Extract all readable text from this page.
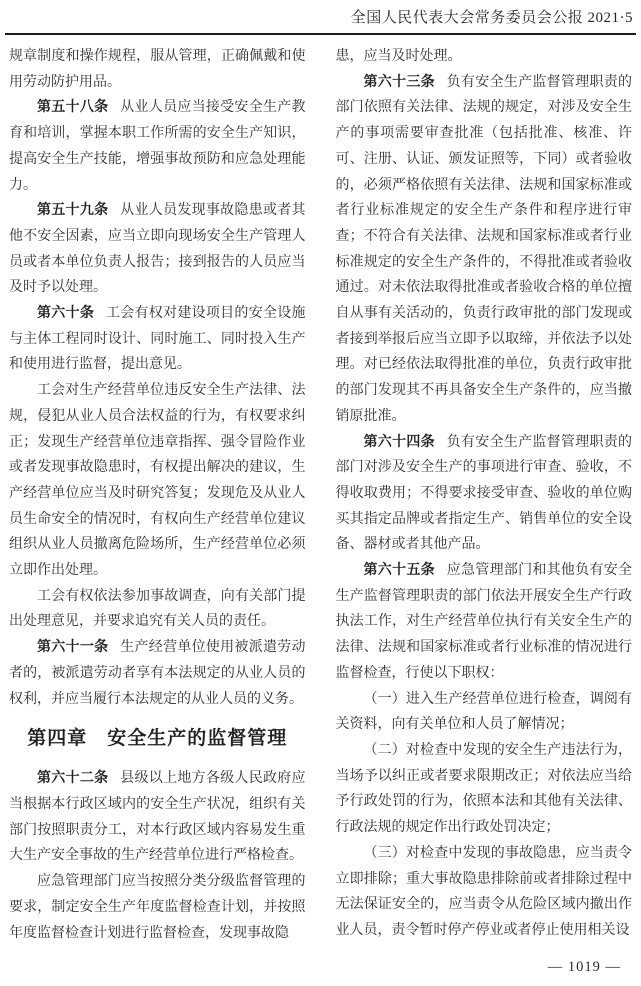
全国人民代表大会常务委员会公报 2021·5

规章制度和操作规程，服从管理，正确佩戴和使用劳动防护用品。

第五十八条 从业人员应当接受安全生产教育和培训，掌握本职工作所需的安全生产知识，提高安全生产技能，增强事故预防和应急处理能力。

第五十九条 从业人员发现事故隐患或者其他不安全因素，应当立即向现场安全生产管理人员或者本单位负责人报告；接到报告的人员应当及时予以处理。

第六十条 工会有权对建设项目的安全设施与主体工程同时设计、同时施工、同时投入生产和使用进行监督，提出意见。

工会对生产经营单位违反安全生产法律、法规，侵犯从业人员合法权益的行为，有权要求纠正；发现生产经营单位违章指挥、强令冒险作业或者发现事故隐患时，有权提出解决的建议，生产经营单位应当及时研究答复；发现危及从业人员生命安全的情况时，有权向生产经营单位建议组织从业人员撤离危险场所，生产经营单位必须立即作出处理。

工会有权依法参加事故调查，向有关部门提出处理意见，并要求追究有关人员的责任。

第六十一条 生产经营单位使用被派遣劳动者的，被派遣劳动者享有本法规定的从业人员的权利，并应当履行本法规定的从业人员的义务。

第四章　安全生产的监督管理

第六十二条 县级以上地方各级人民政府应当根据本行政区域内的安全生产状况，组织有关部门按照职责分工，对本行政区域内容易发生重大生产安全事故的生产经营单位进行严格检查。

应急管理部门应当按照分类分级监督管理的要求，制定安全生产年度监督检查计划，并按照年度监督检查计划进行监督检查，发现事故隐

患，应当及时处理。

第六十三条 负有安全生产监督管理职责的部门依照有关法律、法规的规定，对涉及安全生产的事项需要审查批准（包括批准、核准、许可、注册、认证、颁发证照等，下同）或者验收的，必须严格依照有关法律、法规和国家标准或者行业标准规定的安全生产条件和程序进行审查；不符合有关法律、法规和国家标准或者行业标准规定的安全生产条件的，不得批准或者验收通过。对未依法取得批准或者验收合格的单位擅自从事有关活动的，负责行政审批的部门发现或者接到举报后应当立即予以取缔，并依法予以处理。对已经依法取得批准的单位，负责行政审批的部门发现其不再具备安全生产条件的，应当撤销原批准。

第六十四条 负有安全生产监督管理职责的部门对涉及安全生产的事项进行审查、验收，不得收取费用；不得要求接受审查、验收的单位购买其指定品牌或者指定生产、销售单位的安全设备、器材或者其他产品。

第六十五条 应急管理部门和其他负有安全生产监督管理职责的部门依法开展安全生产行政执法工作，对生产经营单位执行有关安全生产的法律、法规和国家标准或者行业标准的情况进行监督检查，行使以下职权：

（一）进入生产经营单位进行检查，调阅有关资料，向有关单位和人员了解情况；

（二）对检查中发现的安全生产违法行为，当场予以纠正或者要求限期改正；对依法应当给予行政处罚的行为，依照本法和其他有关法律、行政法规的规定作出行政处罚决定；

（三）对检查中发现的事故隐患，应当责令立即排除；重大事故隐患排除前或者排除过程中无法保证安全的，应当责令从危险区域内撤出作业人员，责令暂时停产停业或者停止使用相关设

— 1019 —
